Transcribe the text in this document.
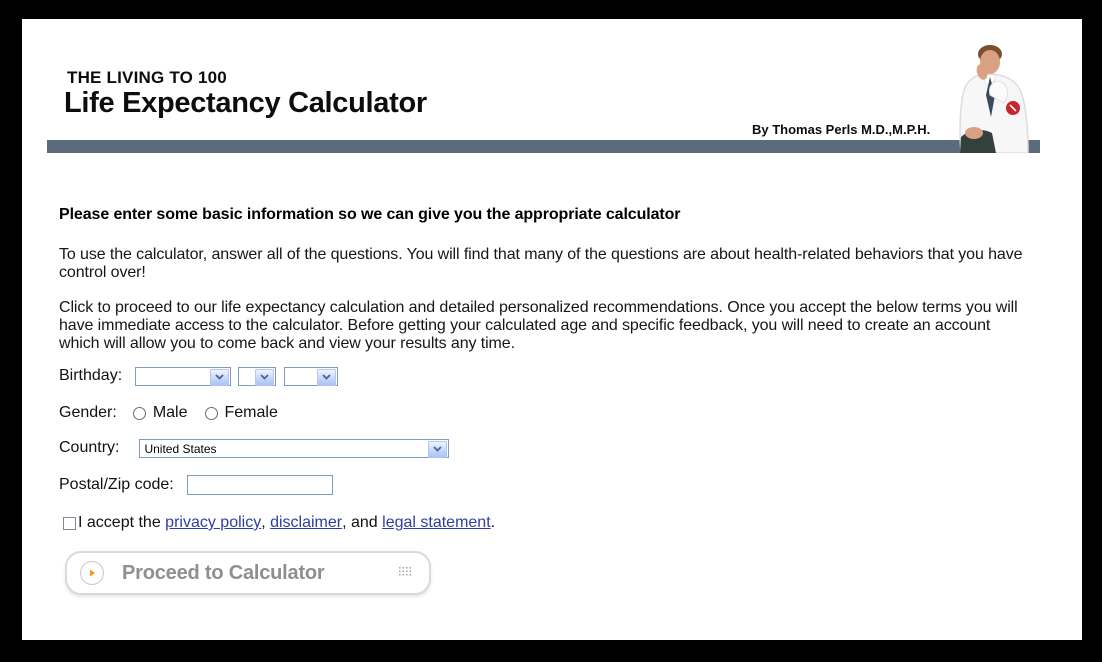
THE LIVING TO 100
Life Expectancy Calculator
By Thomas Perls M.D.,M.P.H.
Please enter some basic information so we can give you the appropriate calculator
To use the calculator, answer all of the questions. You will find that many of the questions are about health-related behaviors that you have control over!
Click to proceed to our life expectancy calculation and detailed personalized recommendations. Once you accept the below terms you will have immediate access to the calculator. Before getting your calculated age and specific feedback, you will need to create an account which will allow you to come back and view your results any time.
Birthday:
Gender: Male Female
Country: United States
Postal/Zip code:
I accept the privacy policy , disclaimer , and legal statement .
Proceed to Calculator
